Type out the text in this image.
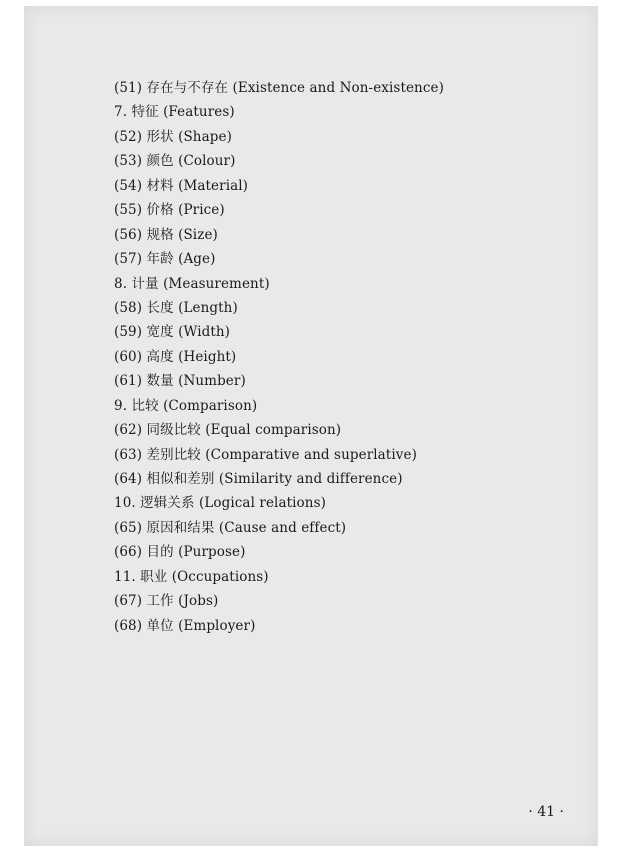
(51) 存在与不存在 (Existence and Non-existence)
7. 特征 (Features)
(52) 形状 (Shape)
(53) 颜色 (Colour)
(54) 材料 (Material)
(55) 价格 (Price)
(56) 规格 (Size)
(57) 年龄 (Age)
8. 计量 (Measurement)
(58) 长度 (Length)
(59) 宽度 (Width)
(60) 高度 (Height)
(61) 数量 (Number)
9. 比较 (Comparison)
(62) 同级比较 (Equal comparison)
(63) 差别比较 (Comparative and superlative)
(64) 相似和差别 (Similarity and difference)
10. 逻辑关系 (Logical relations)
(65) 原因和结果 (Cause and effect)
(66) 目的 (Purpose)
11. 职业 (Occupations)
(67) 工作 (Jobs)
(68) 单位 (Employer)
· 41 ·
